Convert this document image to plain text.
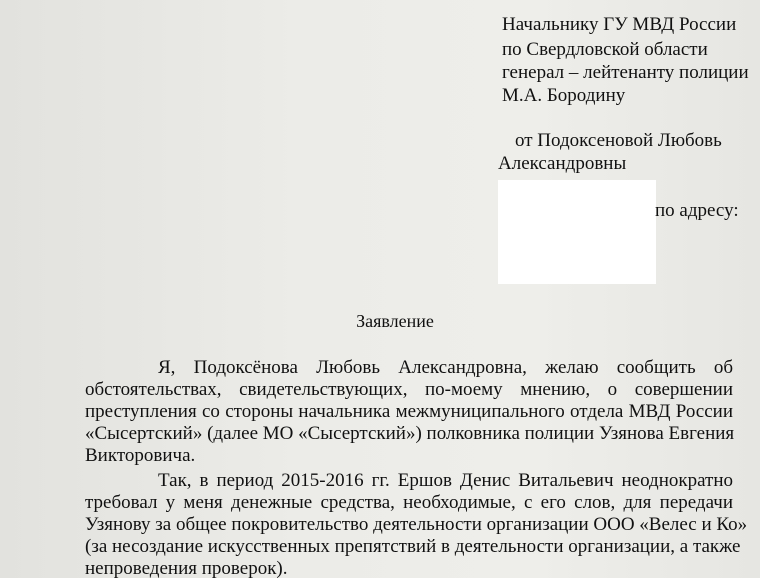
Начальнику ГУ МВД России
по Свердловской области
генерал – лейтенанту полиции
М.А. Бородину
от Подоксеновой Любовь
Александровны
по адресу:
Заявление
Я, Подоксёнова Любовь Александровна, желаю сообщить об
обстоятельствах, свидетельствующих, по-моему мнению, о совершении
преступления со стороны начальника межмуниципального отдела МВД России
«Сысертский» (далее МО «Сысертский») полковника полиции Узянова Евгения
Викторовича.
Так, в период 2015-2016 гг. Ершов Денис Витальевич неоднократно
требовал у меня денежные средства, необходимые, с его слов, для передачи
Узянову за общее покровительство деятельности организации ООО «Велес и Ко»
(за несоздание искусственных препятствий в деятельности организации, а также
непроведения проверок).
